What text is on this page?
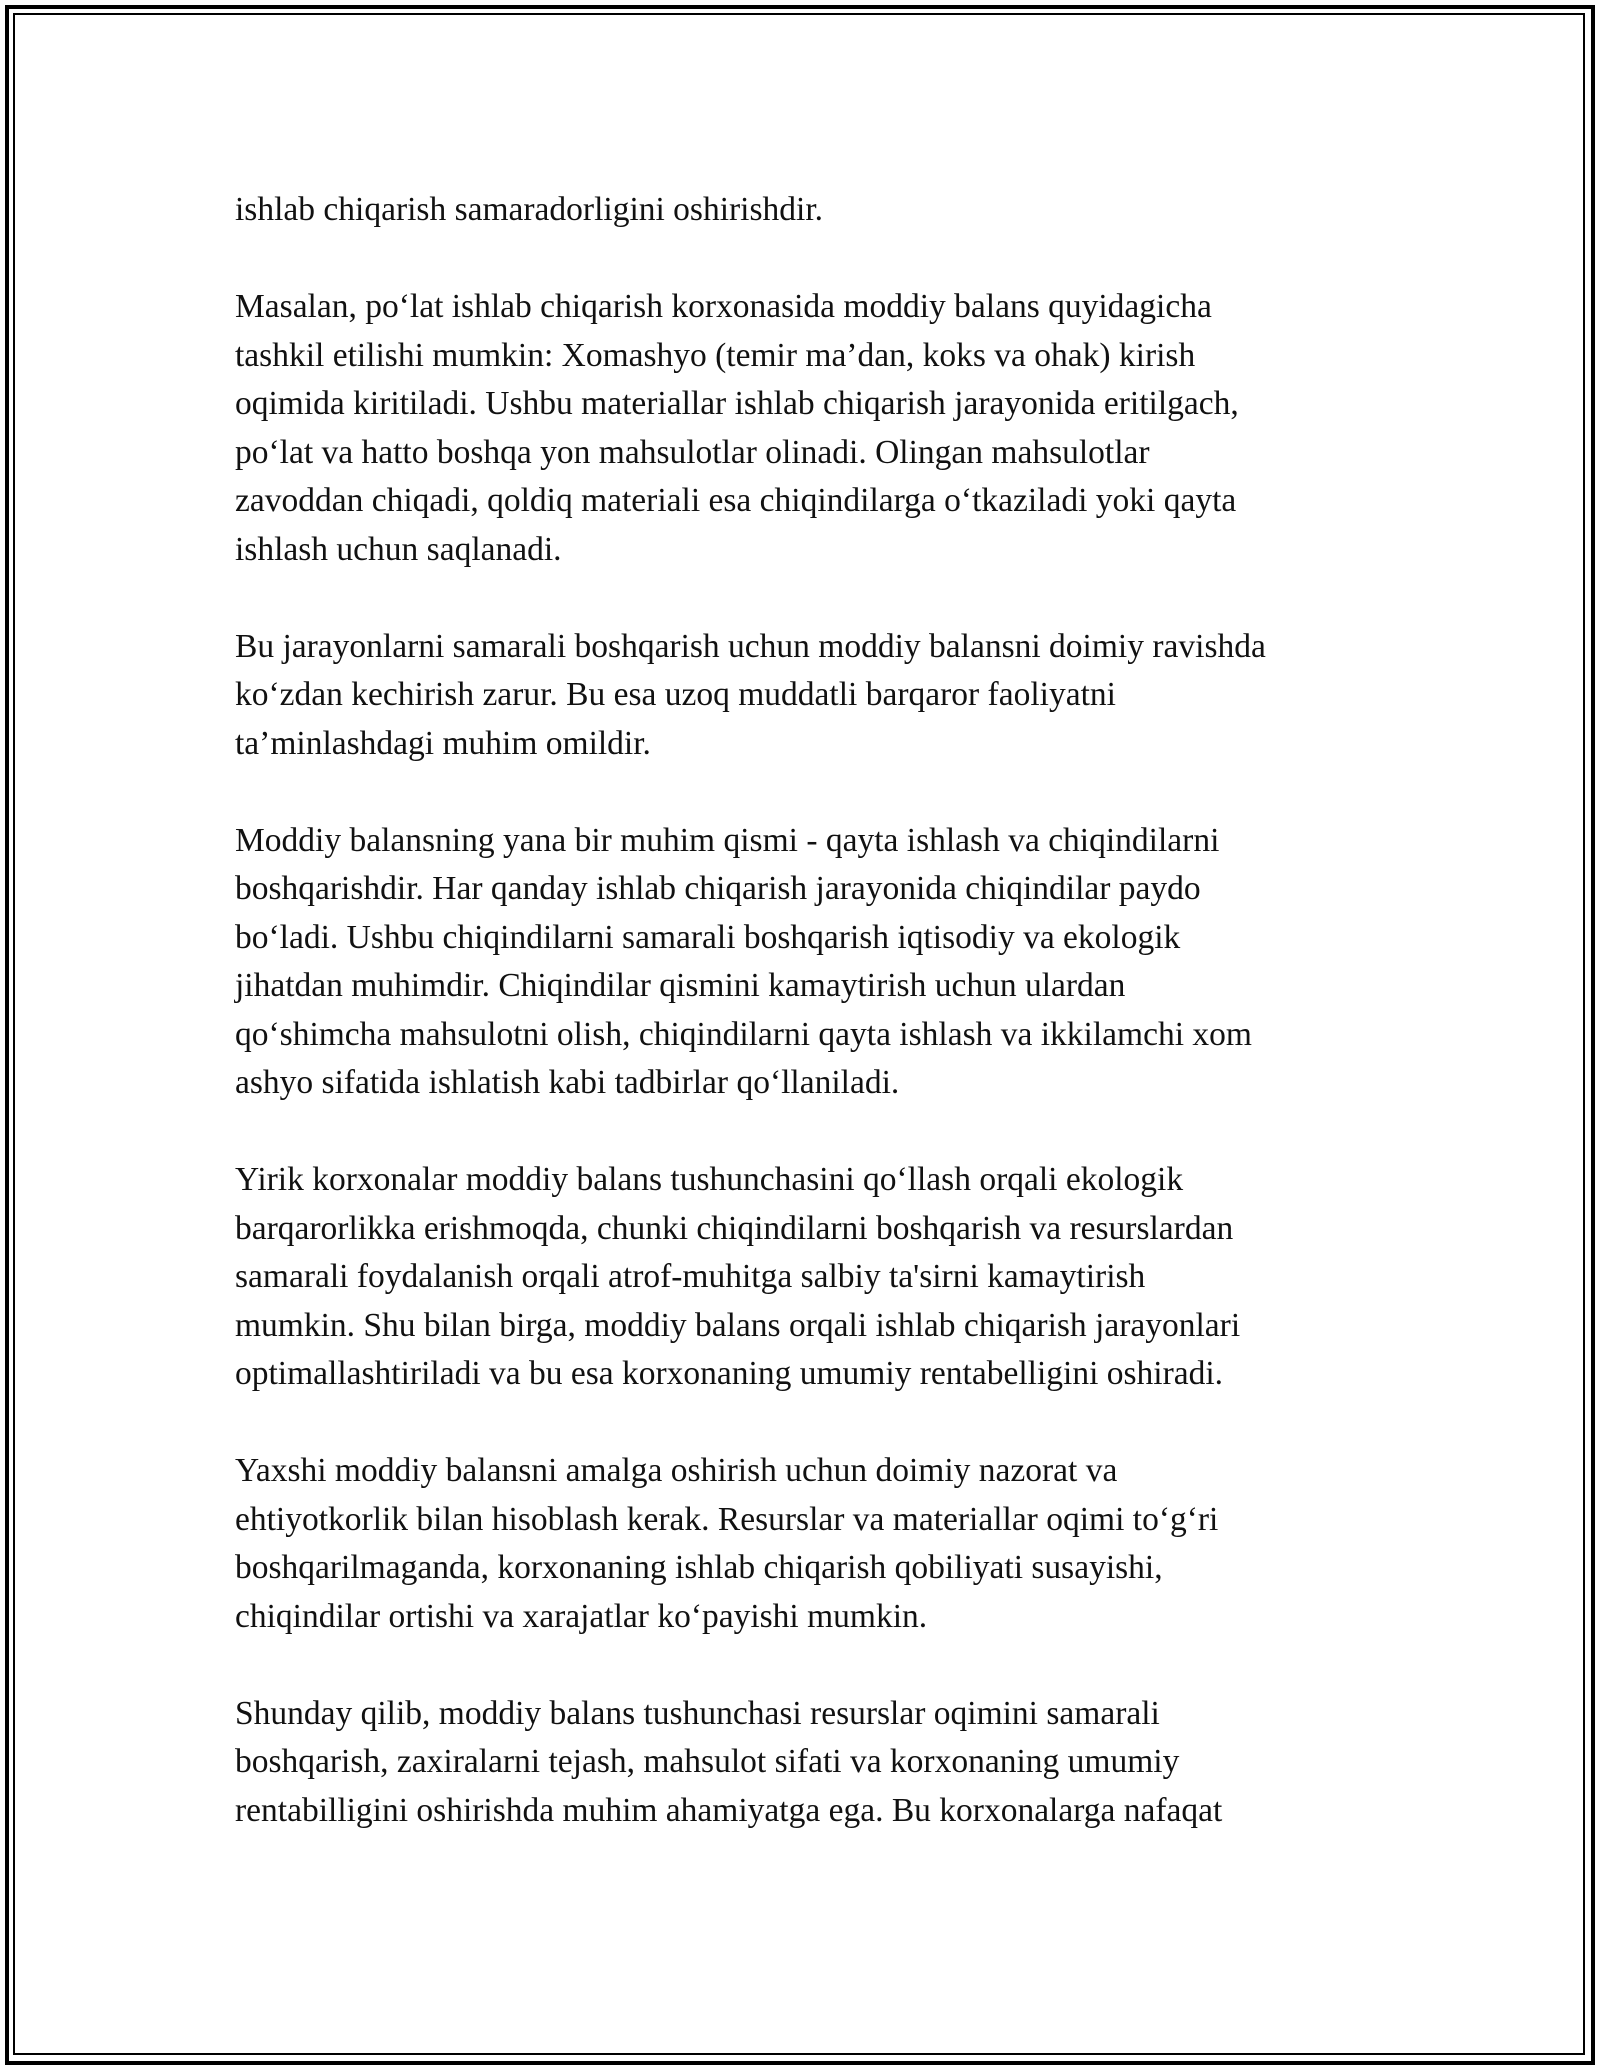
ishlab chiqarish samaradorligini oshirishdir.

Masalan, po‘lat ishlab chiqarish korxonasida moddiy balans quyidagicha
tashkil etilishi mumkin: Xomashyo (temir ma’dan, koks va ohak) kirish
oqimida kiritiladi. Ushbu materiallar ishlab chiqarish jarayonida eritilgach,
po‘lat va hatto boshqa yon mahsulotlar olinadi. Olingan mahsulotlar
zavoddan chiqadi, qoldiq materiali esa chiqindilarga o‘tkaziladi yoki qayta
ishlash uchun saqlanadi.

Bu jarayonlarni samarali boshqarish uchun moddiy balansni doimiy ravishda
ko‘zdan kechirish zarur. Bu esa uzoq muddatli barqaror faoliyatni
ta’minlashdagi muhim omildir.

Moddiy balansning yana bir muhim qismi - qayta ishlash va chiqindilarni
boshqarishdir. Har qanday ishlab chiqarish jarayonida chiqindilar paydo
bo‘ladi. Ushbu chiqindilarni samarali boshqarish iqtisodiy va ekologik
jihatdan muhimdir. Chiqindilar qismini kamaytirish uchun ulardan
qo‘shimcha mahsulotni olish, chiqindilarni qayta ishlash va ikkilamchi xom
ashyo sifatida ishlatish kabi tadbirlar qo‘llaniladi.

Yirik korxonalar moddiy balans tushunchasini qo‘llash orqali ekologik
barqarorlikka erishmoqda, chunki chiqindilarni boshqarish va resurslardan
samarali foydalanish orqali atrof-muhitga salbiy ta'sirni kamaytirish
mumkin. Shu bilan birga, moddiy balans orqali ishlab chiqarish jarayonlari
optimallashtiriladi va bu esa korxonaning umumiy rentabelligini oshiradi.

Yaxshi moddiy balansni amalga oshirish uchun doimiy nazorat va
ehtiyotkorlik bilan hisoblash kerak. Resurslar va materiallar oqimi to‘g‘ri
boshqarilmaganda, korxonaning ishlab chiqarish qobiliyati susayishi,
chiqindilar ortishi va xarajatlar ko‘payishi mumkin.

Shunday qilib, moddiy balans tushunchasi resurslar oqimini samarali
boshqarish, zaxiralarni tejash, mahsulot sifati va korxonaning umumiy
rentabilligini oshirishda muhim ahamiyatga ega. Bu korxonalarga nafaqat
